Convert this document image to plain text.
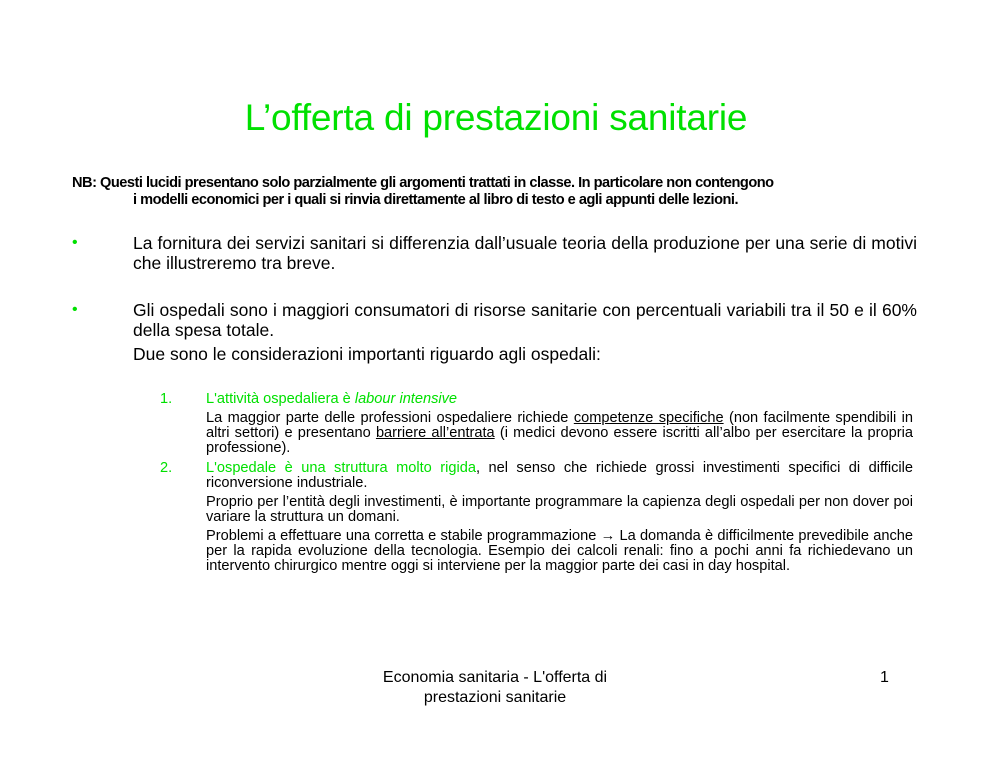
L’offerta di prestazioni sanitarie
NB: Questi lucidi presentano solo parzialmente gli argomenti trattati in classe. In particolare non contengono
i modelli economici per i quali si rinvia direttamente al libro di testo e agli appunti delle lezioni.
•	La fornitura dei servizi sanitari si differenzia dall’usuale teoria della produzione per una serie di motivi che illustreremo tra breve.

•	Gli ospedali sono i maggiori consumatori di risorse sanitarie con percentuali variabili tra il 50 e il 60% della spesa totale.

Due sono le considerazioni importanti riguardo agli ospedali:

1. L'attività ospedaliera è labour intensive

La maggior parte delle professioni ospedaliere richiede competenze specifiche (non facilmente spendibili in altri settori) e presentano barriere all’entrata (i medici devono essere iscritti all’albo per esercitare la propria professione).

2. L'ospedale è una struttura molto rigida, nel senso che richiede grossi investimenti specifici di difficile riconversione industriale.

Proprio per l’entità degli investimenti, è importante programmare la capienza degli ospedali per non dover poi variare la struttura un domani.

Problemi a effettuare una corretta e stabile programmazione → La domanda è difficilmente prevedibile anche per la rapida evoluzione della tecnologia. Esempio dei calcoli renali: fino a pochi anni fa richiedevano un intervento chirurgico mentre oggi si interviene per la maggior parte dei casi in day hospital.

Economia sanitaria - L'offerta di
prestazioni sanitarie
1
